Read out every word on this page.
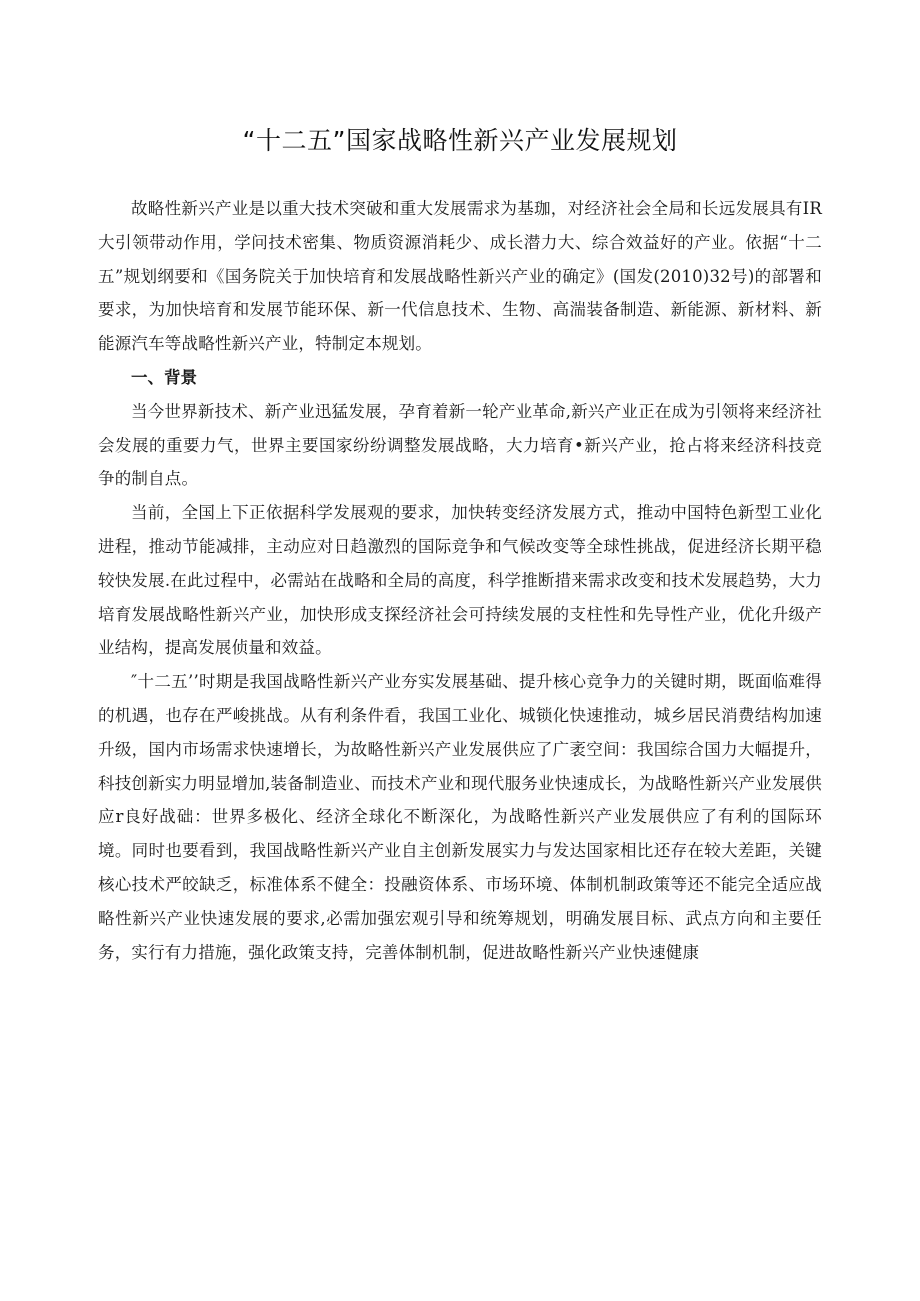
“十二五”国家战略性新兴产业发展规划

故略性新兴产业是以重大技术突破和重大发展需求为基珈，对经济社会全局和长远发展具有IR大引领带动作用，学问技术密集、物质资源消耗少、成长潜力大、综合效益好的产业。依据“十二五”规划纲要和《国务院关于加快培育和发展战略性新兴产业的确定》(国发(2010)32号)的部署和要求，为加快培育和发展节能环保、新一代信息技术、生物、高湍装备制造、新能源、新材料、新能源汽车等战略性新兴产业，特制定本规划。

一、背景

当今世界新技术、新产业迅猛发展，孕育着新一轮产业革命,新兴产业正在成为引领将来经济社会发展的重要力气，世界主要国家纷纷调整发展战略，大力培育•新兴产业，抢占将来经济科技竞争的制自点。

当前，全国上下正依据科学发展观的要求，加快转变经济发展方式，推动中国特色新型工业化进程，推动节能减排，主动应对日趋激烈的国际竞争和气候改变等全球性挑战，促进经济长期平稳较快发展.在此过程中，必需站在战略和全局的高度，科学推断措来需求改变和技术发展趋势，大力培育发展战略性新兴产业，加快形成支探经济社会可持续发展的支柱性和先导性产业，优化升级产业结构，提高发展侦量和效益。

″十二五’’时期是我国战略性新兴产业夯实发展基础、提升核心竞争力的关键时期，既面临难得的机遇，也存在严峻挑战。从有利条件看，我国工业化、城锁化快速推动，城乡居民消费结构加速升级，国内市场需求快速增长，为故略性新兴产业发展供应了广袤空间：我国综合国力大幅提升，科技创新实力明显增加,装备制造业、而技术产业和现代服务业快速成长，为战略性新兴产业发展供应r良好战础：世界多极化、经济全球化不断深化，为战略性新兴产业发展供应了有利的国际环境。同时也要看到，我国战略性新兴产业自主创新发展实力与发达国家相比还存在较大差距，关键核心技术严皎缺乏，标准体系不健全：投融资体系、市场环境、体制机制政策等还不能完全适应战略性新兴产业快速发展的要求,必需加强宏观引导和统筹规划，明确发展目标、武点方向和主要任务，实行有力措施，强化政策支持，完善体制机制，促进故略性新兴产业快速健康
